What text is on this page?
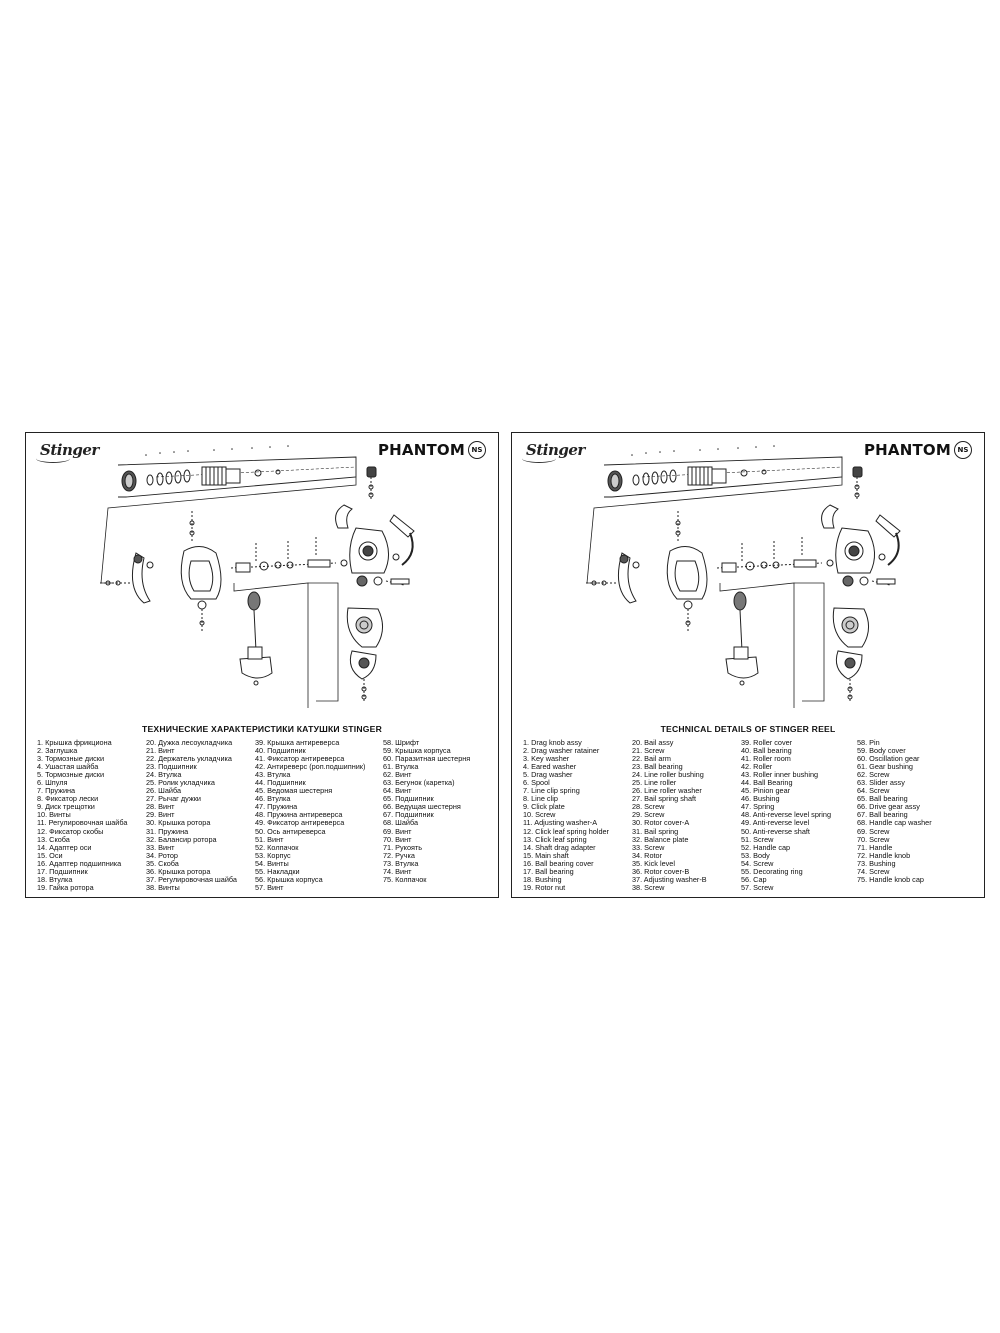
Stinger	PHANTOM NS
ТЕХНИЧЕСКИЕ ХАРАКТЕРИСТИКИ КАТУШКИ STINGER
1. Крышка фрикциона
2. Заглушка
3. Тормозные диски
4. Ушастая шайба
5. Тормозные диски
6. Шпуля
7. Пружина
8. Фиксатор лески
9. Диск трещотки
10. Винты
11. Регулировочная шайба
12. Фиксатор скобы
13. Скоба
14. Адаптер оси
15. Оси
16. Адаптер подшипника
17. Подшипник
18. Втулка
19. Гайка ротора
20. Дужка лесоукладчика
21. Винт
22. Держатель укладчика
23. Подшипник
24. Втулка
25. Ролик укладчика
26. Шайба
27. Рычаг дужки
28. Винт
29. Винт
30. Крышка ротора
31. Пружина
32. Балансир ротора
33. Винт
34. Ротор
35. Скоба
36. Крышка ротора
37. Регулировочная шайба
38. Винты
39. Крышка антиреверса
40. Подшипник
41. Фиксатор антиреверса
42. Антиреверс (роп.подшипник)
43. Втулка
44. Подшипник
45. Ведомая шестерня
46. Втулка
47. Пружина
48. Пружина антиреверса
49. Фиксатор антиреверса
50. Ось антиреверса
51. Винт
52. Колпачок
53. Корпус
54. Винты
55. Накладки
56. Крышка корпуса
57. Винт
58. Шрифт
59. Крышка корпуса
60. Паразитная шестерня
61. Втулка
62. Винт
63. Бегунок (каретка)
64. Винт
65. Подшипник
66. Ведущая шестерня
67. Подшипник
68. Шайба
69. Винт
70. Винт
71. Рукоять
72. Ручка
73. Втулка
74. Винт
75. Колпачок
Stinger	PHANTOM NS
TECHNICAL DETAILS OF STINGER REEL
1. Drag knob assy
2. Drag washer ratainer
3. Key washer
4. Eared washer
5. Drag washer
6. Spool
7. Line clip spring
8. Line clip
9. Click plate
10. Screw
11. Adjusting washer-A
12. Click leaf spring holder
13. Click leaf spring
14. Shaft drag adapter
15. Main shaft
16. Ball bearing cover
17. Ball bearing
18. Bushing
19. Rotor nut
20. Bail assy
21. Screw
22. Bail arm
23. Ball bearing
24. Line roller bushing
25. Line roller
26. Line roller washer
27. Bail spring shaft
28. Screw
29. Screw
30. Rotor cover-A
31. Bail spring
32. Balance plate
33. Screw
34. Rotor
35. Kick level
36. Rotor cover-B
37. Adjusting washer-B
38. Screw
39. Roller cover
40. Ball bearing
41. Roller room
42. Roller
43. Roller inner bushing
44. Ball Bearing
45. Pinion gear
46. Bushing
47. Spring
48. Anti-reverse level spring
49. Anti-reverse level
50. Anti-reverse shaft
51. Screw
52. Handle cap
53. Body
54. Screw
55. Decorating ring
56. Cap
57. Screw
58. Pin
59. Body cover
60. Oscillation gear
61. Gear bushing
62. Screw
63. Slider assy
64. Screw
65. Ball bearing
66. Drive gear assy
67. Ball bearing
68. Handle cap washer
69. Screw
70. Screw
71. Handle
72. Handle knob
73. Bushing
74. Screw
75. Handle knob cap
